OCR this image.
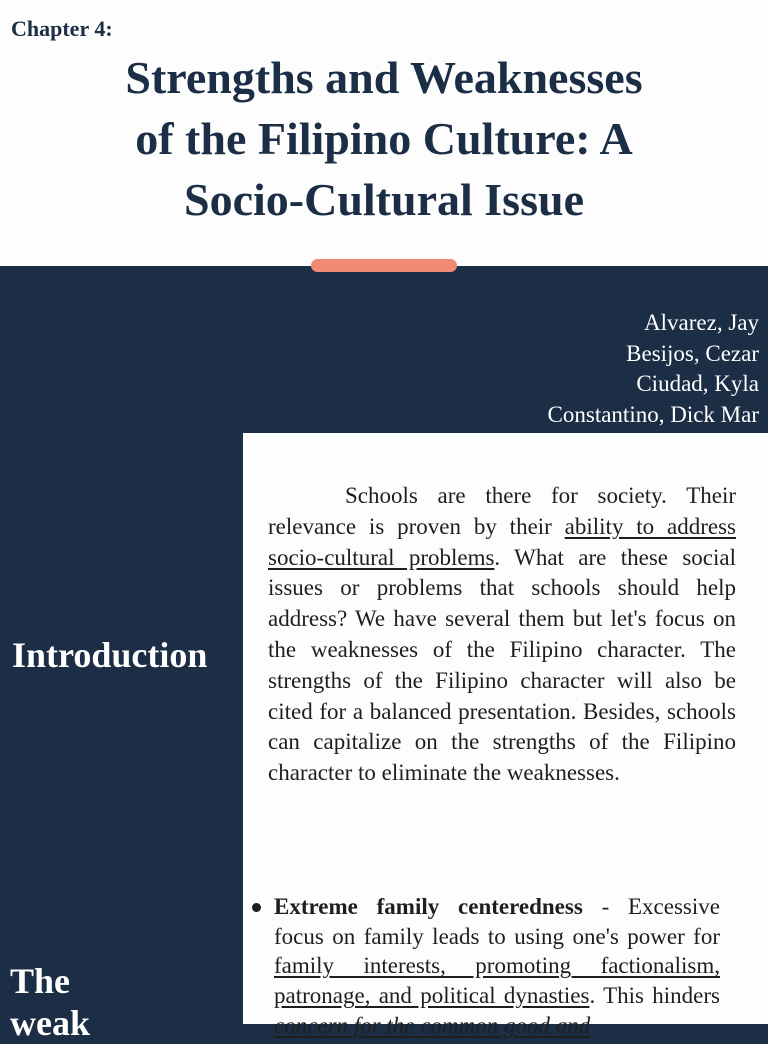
Chapter 4:

Strengths and Weaknesses
of the Filipino Culture: A
Socio-Cultural Issue
Alvarez, Jay
Besijos, Cezar
Ciudad, Kyla
Constantino, Dick Mar
Introduction
The
weak

Schools are there for society. Their relevance is proven by their ability to address socio-cultural problems. What are these social issues or problems that schools should help address? We have several them but let's focus on the weaknesses of the Filipino character. The strengths of the Filipino character will also be cited for a balanced presentation. Besides, schools can capitalize on the strengths of the Filipino character to eliminate the weaknesses.

Extreme family centeredness - Excessive focus on family leads to using one's power for family interests, promoting factionalism, patronage, and political dynasties. This hinders concern for the common good and
